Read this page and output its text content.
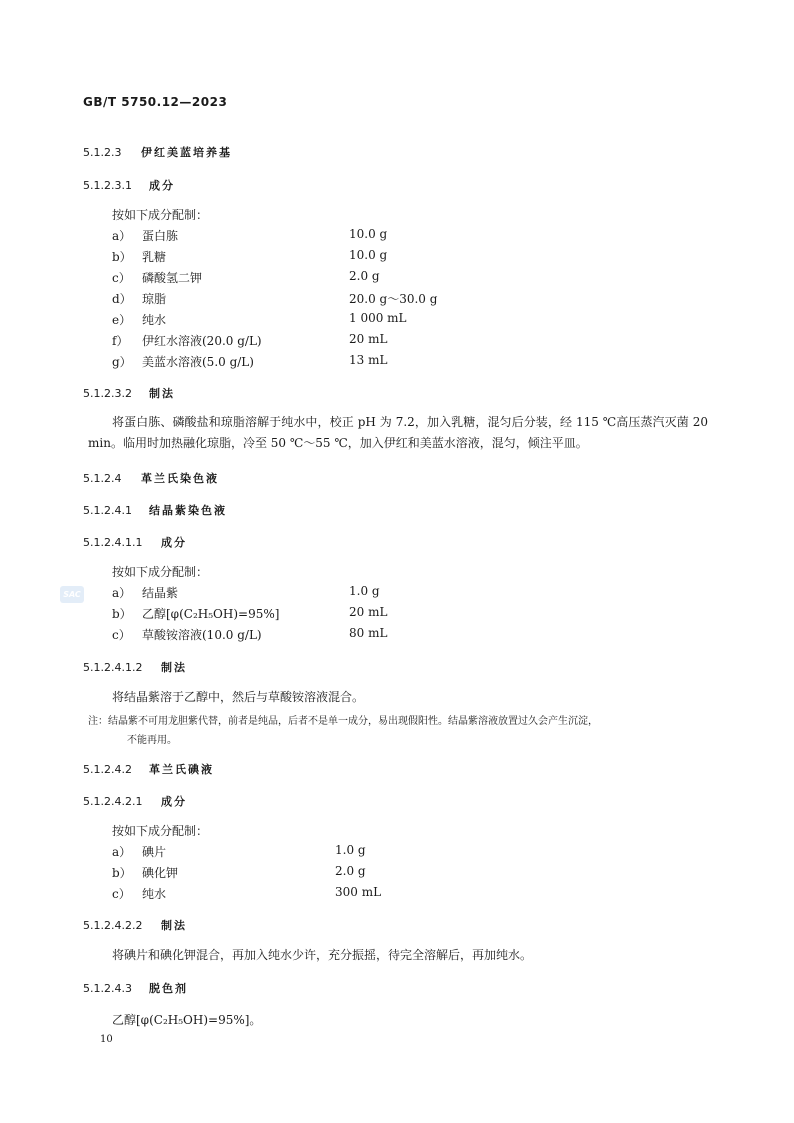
GB/T 5750.12—2023
5.1.2.3 伊红美蓝培养基
5.1.2.3.1 成分
按如下成分配制：
a） 蛋白胨	10.0 g
b） 乳糖	10.0 g
c） 磷酸氢二钾	2.0 g
d） 琼脂	20.0 g～30.0 g
e） 纯水	1 000 mL
f） 伊红水溶液(20.0 g/L)	20 mL
g） 美蓝水溶液(5.0 g/L)	13 mL
5.1.2.3.2 制法
将蛋白胨、磷酸盐和琼脂溶解于纯水中，校正 pH 为 7.2，加入乳糖，混匀后分装，经 115 ℃高压蒸汽灭菌 20 min。临用时加热融化琼脂，冷至 50 ℃～55 ℃，加入伊红和美蓝水溶液，混匀，倾注平皿。
5.1.2.4 革兰氏染色液
5.1.2.4.1 结晶紫染色液
5.1.2.4.1.1 成分
按如下成分配制：
SAC	a） 结晶紫	1.0 g
b） 乙醇[φ(C₂H₅OH)=95%]	20 mL
c） 草酸铵溶液(10.0 g/L)	80 mL
5.1.2.4.1.2 制法
将结晶紫溶于乙醇中，然后与草酸铵溶液混合。
注：结晶紫不可用龙胆紫代替，前者是纯品，后者不是单一成分，易出现假阳性。结晶紫溶液放置过久会产生沉淀，
不能再用。
5.1.2.4.2 革兰氏碘液
5.1.2.4.2.1 成分
按如下成分配制：
a） 碘片	1.0 g
b） 碘化钾	2.0 g
c） 纯水	300 mL
5.1.2.4.2.2 制法
将碘片和碘化钾混合，再加入纯水少许，充分振摇，待完全溶解后，再加纯水。
5.1.2.4.3 脱色剂
乙醇[φ(C₂H₅OH)=95%]。
10
